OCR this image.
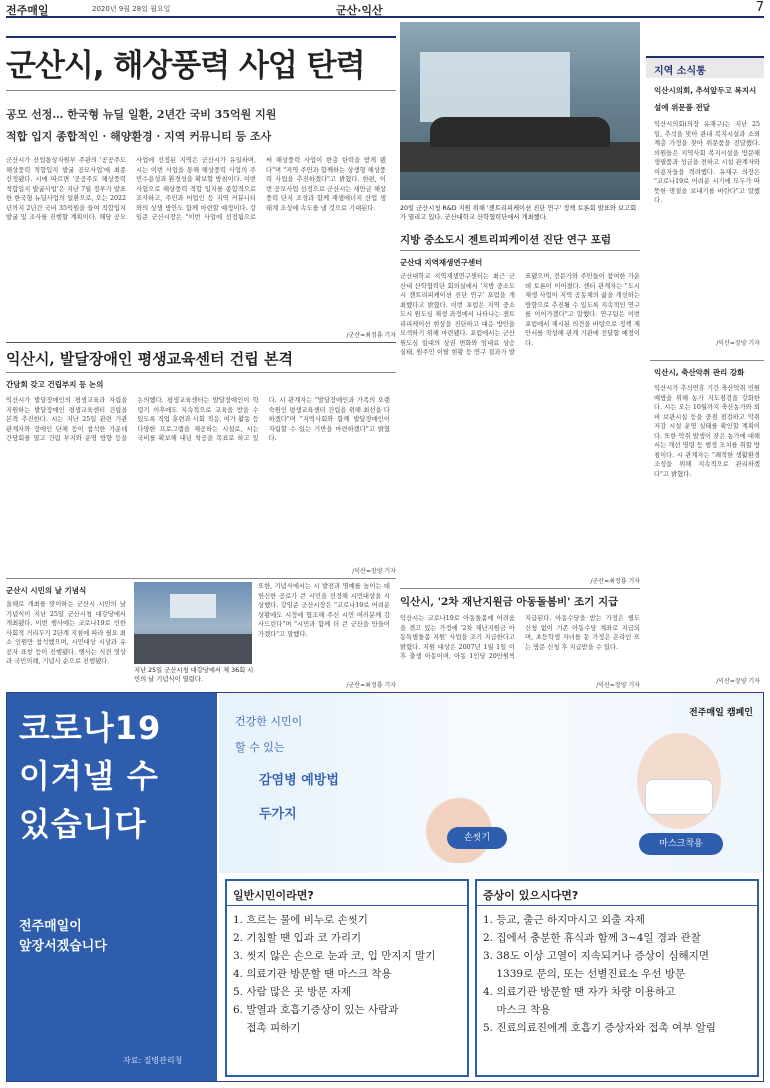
전주매일	2020년 9월 28일 월요일	군산·익산	7
군산시, 해상풍력 사업 탄력
공모 선정… 한국형 뉴딜 일환, 2년간 국비 35억원 지원
적합 입지 종합적인 · 해양환경 · 지역 커뮤니티 등 조사
군산시가 산업통상자원부 주관의 '공공주도 해상풍력 적합입지 발굴 공모사업'에 최종 선정됐다. 시에 따르면 '공공주도 해상풍력 적합입지 발굴사업'은 지난 7월 정부가 발표한 한국형 뉴딜사업의 일환으로, 오는 2022년까지 2년간 국비 35억원을 들여 적합입지 발굴 및 조사를 진행할 계획이다. 해당 공모 사업에 선정된 지역은 군산시가 유일하며, 시는 이번 사업을 통해 해상풍력 사업의 주민수용성과 환경성을 확보할 방침이다. 이번 사업으로 해상풍력 적합 입지를 종합적으로 조사하고, 주민과 어업인 등 지역 커뮤니티와의 상생 방안도 함께 마련할 예정이다. 강임준 군산시장은 "이번 사업에 선정됨으로써 해상풍력 사업이 한층 탄력을 받게 됐다"며 "지역 주민과 함께하는 상생형 해상풍력 사업을 추진하겠다"고 밝혔다. 한편, 이번 공모사업 선정으로 군산시는 새만금 해상풍력 단지 조성과 함께 재생에너지 산업 생태계 조성에 속도를 낼 것으로 기대된다.
/군산=최정룡 기자
20일 군산시청 R&D 지원 위해 '젠트리피케이션 진단 연구' 정책 토론회 발표와 보고회가 열리고 있다. 군산대학교 산학협력단에서 개최했다.
지방 중소도시 젠트리피케이션 진단 연구 포럼
군산대 지역재생연구센터
군산대학교 지역재생연구센터는 최근 군산대 산학협력단 회의실에서 '지방 중소도시 젠트리피케이션 진단 연구' 포럼을 개최했다고 밝혔다. 이번 포럼은 지역 중소도시 원도심 재생 과정에서 나타나는 젠트리피케이션 현상을 진단하고 대응 방안을 모색하기 위해 마련됐다. 포럼에서는 군산 원도심 일대의 상권 변화와 임대료 상승 실태, 원주민 이탈 현황 등 연구 결과가 발표됐으며, 전문가와 주민들이 참여한 가운데 토론이 이어졌다. 센터 관계자는 "도시재생 사업이 지역 공동체의 삶을 개선하는 방향으로 추진될 수 있도록 지속적인 연구를 이어가겠다"고 말했다. 연구팀은 이번 포럼에서 제시된 의견을 바탕으로 정책 제안서를 작성해 관계 기관에 전달할 예정이다.
/군산=최정룡 기자
익산시, 발달장애인 평생교육센터 건립 본격
간담회 갖고 건립부지 등 논의
익산시가 발달장애인의 평생교육과 자립을 지원하는 발달장애인 평생교육센터 건립을 본격 추진한다. 시는 지난 25일 관련 기관 관계자와 장애인 단체 등이 참석한 가운데 간담회를 열고 건립 부지와 운영 방향 등을 논의했다. 평생교육센터는 발달장애인이 학령기 이후에도 지속적으로 교육을 받을 수 있도록 직업 훈련과 사회 적응, 여가 활동 등 다양한 프로그램을 제공하는 시설로, 시는 국비를 확보해 내년 착공을 목표로 하고 있다. 시 관계자는 "발달장애인과 가족의 오랜 숙원인 평생교육센터 건립을 위해 최선을 다하겠다"며 "지역사회와 함께 발달장애인이 자립할 수 있는 기반을 마련하겠다"고 밝혔다.
/익산=장양 기자
군산시 시민의 날 기념식
올해로 개최를 맞이하는 군산시 시민의 날 기념식이 지난 25일 군산시청 대강당에서 개최됐다. 이번 행사에는 코로나19로 인한 사회적 거리두기 2단계 지침에 따라 필요 최소 인원만 참석했으며, 시민대상 시상과 유공자 표창 등이 진행됐다. 행사는 식전 영상과 국민의례, 기념사 순으로 진행됐다.
지난 25일 군산시청 대강당에서 제 36회 시민의 날 기념식이 열렸다.
또한, 기념식에서는 시 발전과 명예를 높이는 데 헌신한 공로가 큰 시민을 선정해 시민대상을 시상했다. 강임준 군산시장은 "코로나19로 어려운 상황에도 시정에 협조해 주신 시민 여러분께 감사드린다"며 "시민과 함께 더 큰 군산을 만들어 가겠다"고 말했다.
/군산=최정룡 기자
익산시, '2차 재난지원금 아동돌봄비' 조기 지급
익산시는 코로나19로 아동돌봄에 어려움을 겪고 있는 가정에 '2차 재난지원금 아동특별돌봄 지원' 사업을 조기 지급한다고 밝혔다. 지원 대상은 2007년 1월 1일 이후 출생 아동이며, 아동 1인당 20만원씩 지급된다. 아동수당을 받는 가정은 별도 신청 없이 기존 아동수당 계좌로 지급되며, 초등학생 자녀를 둔 가정은 온라인 또는 방문 신청 후 지급받을 수 있다.
/익산=장양 기자
지역 소식통
익산시의회, 추석앞두고 복지시설에 위문품 전달
익산시의회(의장 유재구)는 지난 25일, 추석을 맞아 관내 복지시설과 소외계층 가정을 찾아 위문품을 전달했다. 의원들은 지역사회 복지시설을 방문해 생필품과 성금을 전하고 시설 관계자와 이용자들을 격려했다. 유재구 의장은 "코로나19로 어려운 시기에 모두가 따뜻한 명절을 보내기를 바란다"고 말했다.
/익산=장양 기자
익산시, 축산악취 관리 강화
익산시가 추석연휴 기간 축산악취 민원 예방을 위해 농가 지도점검을 강화한다. 시는 오는 10월까지 축산농가와 퇴비 보관시설 등을 중점 점검하고 악취 저감 시설 운영 실태를 확인할 계획이다. 또한 악취 발생이 잦은 농가에 대해서는 개선 명령 등 행정 조치를 취할 방침이다. 시 관계자는 "쾌적한 생활환경 조성을 위해 지속적으로 관리하겠다"고 밝혔다.
/익산=장양 기자
코로나19
이겨낼 수
있습니다
전주매일이
앞장서겠습니다
자료: 질병관리청
건강한 시민이
할 수 있는
감염병 예방법
두가지
전주매일 캠페인
손씻기
마스크착용
일반시민이라면?
1. 흐르는 물에 비누로 손씻기
2. 기침할 땐 입과 코 가리기
3. 씻지 않은 손으로 눈과 코, 입 만지지 말기
4. 의료기관 방문할 땐 마스크 착용
5. 사람 많은 곳 방문 자제
6. 발열과 호흡기증상이 있는 사람과
접촉 피하기
증상이 있으시다면?
1. 등교, 출근 하지마시고 외출 자제
2. 집에서 충분한 휴식과 함께 3~4일 경과 관찰
3. 38도 이상 고열이 지속되거나 증상이 심해지면
1339로 문의, 또는 선별진료소 우선 방문
4. 의료기관 방문할 땐 자가 차량 이용하고
마스크 착용
5. 진료의료진에게 호흡기 증상자와 접촉 여부 알림
